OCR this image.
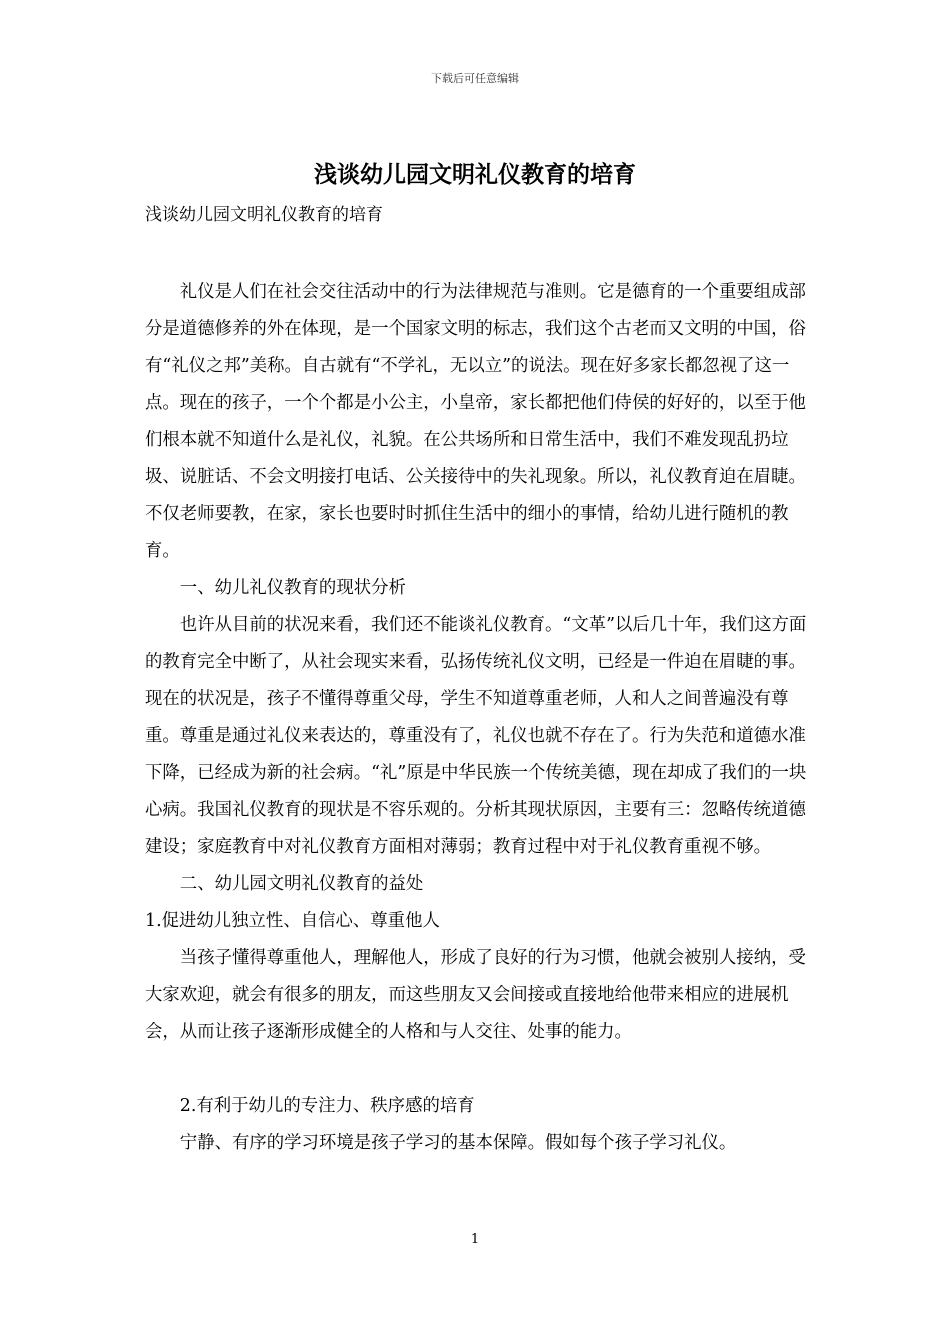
下载后可任意编辑
浅谈幼儿园文明礼仪教育的培育
浅谈幼儿园文明礼仪教育的培育

礼仪是人们在社会交往活动中的行为法律规范与准则。它是德育的一个重要组成部分是道德修养的外在体现，是一个国家文明的标志，我们这个古老而又文明的中国，俗有“礼仪之邦”美称。自古就有“不学礼，无以立”的说法。现在好多家长都忽视了这一点。现在的孩子，一个个都是小公主，小皇帝，家长都把他们侍侯的好好的，以至于他们根本就不知道什么是礼仪，礼貌。在公共场所和日常生活中，我们不难发现乱扔垃圾、说脏话、不会文明接打电话、公关接待中的失礼现象。所以，礼仪教育迫在眉睫。不仅老师要教，在家，家长也要时时抓住生活中的细小的事情，给幼儿进行随机的教育。

一、幼儿礼仪教育的现状分析

也许从目前的状况来看，我们还不能谈礼仪教育。“文革”以后几十年，我们这方面的教育完全中断了，从社会现实来看，弘扬传统礼仪文明，已经是一件迫在眉睫的事。现在的状况是，孩子不懂得尊重父母，学生不知道尊重老师，人和人之间普遍没有尊重。尊重是通过礼仪来表达的，尊重没有了，礼仪也就不存在了。行为失范和道德水准下降，已经成为新的社会病。“礼”原是中华民族一个传统美德，现在却成了我们的一块心病。我国礼仪教育的现状是不容乐观的。分析其现状原因，主要有三：忽略传统道德建设；家庭教育中对礼仪教育方面相对薄弱；教育过程中对于礼仪教育重视不够。

二、幼儿园文明礼仪教育的益处

1.促进幼儿独立性、自信心、尊重他人

当孩子懂得尊重他人，理解他人，形成了良好的行为习惯，他就会被别人接纳，受大家欢迎，就会有很多的朋友，而这些朋友又会间接或直接地给他带来相应的进展机会，从而让孩子逐渐形成健全的人格和与人交往、处事的能力。

2.有利于幼儿的专注力、秩序感的培育

宁静、有序的学习环境是孩子学习的基本保障。假如每个孩子学习礼仪。

1
